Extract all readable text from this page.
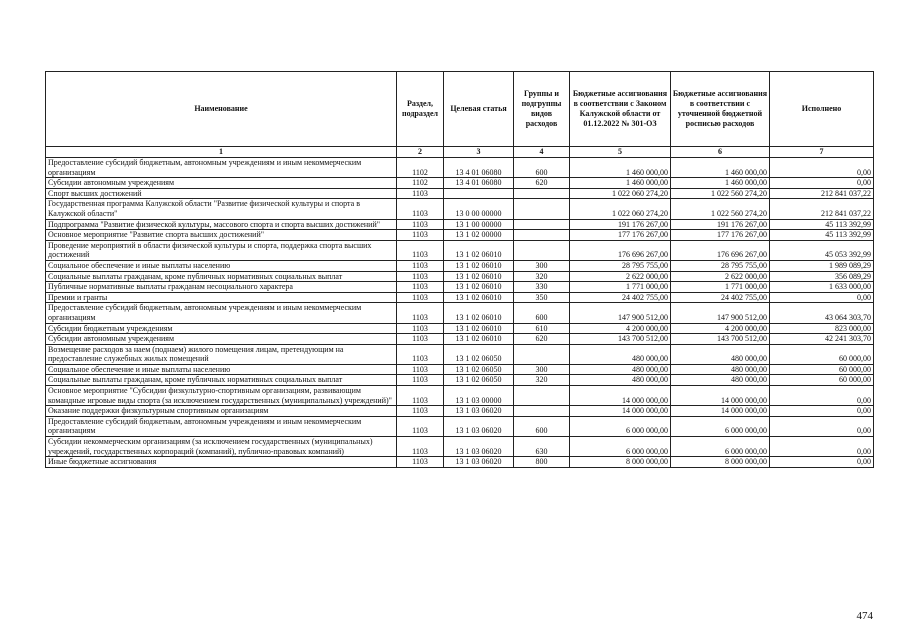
Наименование	Раздел, подраздел	Целевая статья	Группы и подгруппы видов расходов	Бюджетные ассигнования в соответствии с Законом Калужской области от 01.12.2022 № 301-ОЗ	Бюджетные ассигнования в соответствии с уточненной бюджетной росписью расходов	Исполнено
1	2	3	4	5	6	7
Предоставление субсидий бюджетным, автономным учреждениям и иным некоммерческим организациям	1102	13 4 01 06080	600	1 460 000,00	1 460 000,00	0,00
Субсидии автономным учреждениям	1102	13 4 01 06080	620	1 460 000,00	1 460 000,00	0,00
Спорт высших достижений	1103			1 022 060 274,20	1 022 560 274,20	212 841 037,22
Государственная программа Калужской области "Развитие физической культуры и спорта в Калужской области"	1103	13 0 00 00000		1 022 060 274,20	1 022 560 274,20	212 841 037,22
Подпрограмма "Развитие физической культуры, массового спорта и спорта высших достижений"	1103	13 1 00 00000		191 176 267,00	191 176 267,00	45 113 392,99
Основное мероприятие "Развитие спорта высших достижений"	1103	13 1 02 00000		177 176 267,00	177 176 267,00	45 113 392,99
Проведение мероприятий в области физической культуры и спорта, поддержка спорта высших достижений	1103	13 1 02 06010		176 696 267,00	176 696 267,00	45 053 392,99
Социальное обеспечение и иные выплаты населению	1103	13 1 02 06010	300	28 795 755,00	28 795 755,00	1 989 089,29
Социальные выплаты гражданам, кроме публичных нормативных социальных выплат	1103	13 1 02 06010	320	2 622 000,00	2 622 000,00	356 089,29
Публичные нормативные выплаты гражданам несоциального характера	1103	13 1 02 06010	330	1 771 000,00	1 771 000,00	1 633 000,00
Премии и гранты	1103	13 1 02 06010	350	24 402 755,00	24 402 755,00	0,00
Предоставление субсидий бюджетным, автономным учреждениям и иным некоммерческим организациям	1103	13 1 02 06010	600	147 900 512,00	147 900 512,00	43 064 303,70
Субсидии бюджетным учреждениям	1103	13 1 02 06010	610	4 200 000,00	4 200 000,00	823 000,00
Субсидии автономным учреждениям	1103	13 1 02 06010	620	143 700 512,00	143 700 512,00	42 241 303,70
Возмещение расходов за наем (поднаем) жилого помещения лицам, претендующим на предоставление служебных жилых помещений	1103	13 1 02 06050		480 000,00	480 000,00	60 000,00
Социальное обеспечение и иные выплаты населению	1103	13 1 02 06050	300	480 000,00	480 000,00	60 000,00
Социальные выплаты гражданам, кроме публичных нормативных социальных выплат	1103	13 1 02 06050	320	480 000,00	480 000,00	60 000,00
Основное мероприятие "Субсидии физкультурно-спортивным организациям, развивающим командные игровые виды спорта (за исключением государственных (муниципальных) учреждений)"	1103	13 1 03 00000		14 000 000,00	14 000 000,00	0,00
Оказание поддержки физкультурным спортивным организациям	1103	13 1 03 06020		14 000 000,00	14 000 000,00	0,00
Предоставление субсидий бюджетным, автономным учреждениям и иным некоммерческим организациям	1103	13 1 03 06020	600	6 000 000,00	6 000 000,00	0,00
Субсидии некоммерческим организациям (за исключением государственных (муниципальных) учреждений, государственных корпораций (компаний), публично-правовых компаний)	1103	13 1 03 06020	630	6 000 000,00	6 000 000,00	0,00
Иные бюджетные ассигнования	1103	13 1 03 06020	800	8 000 000,00	8 000 000,00	0,00
474
